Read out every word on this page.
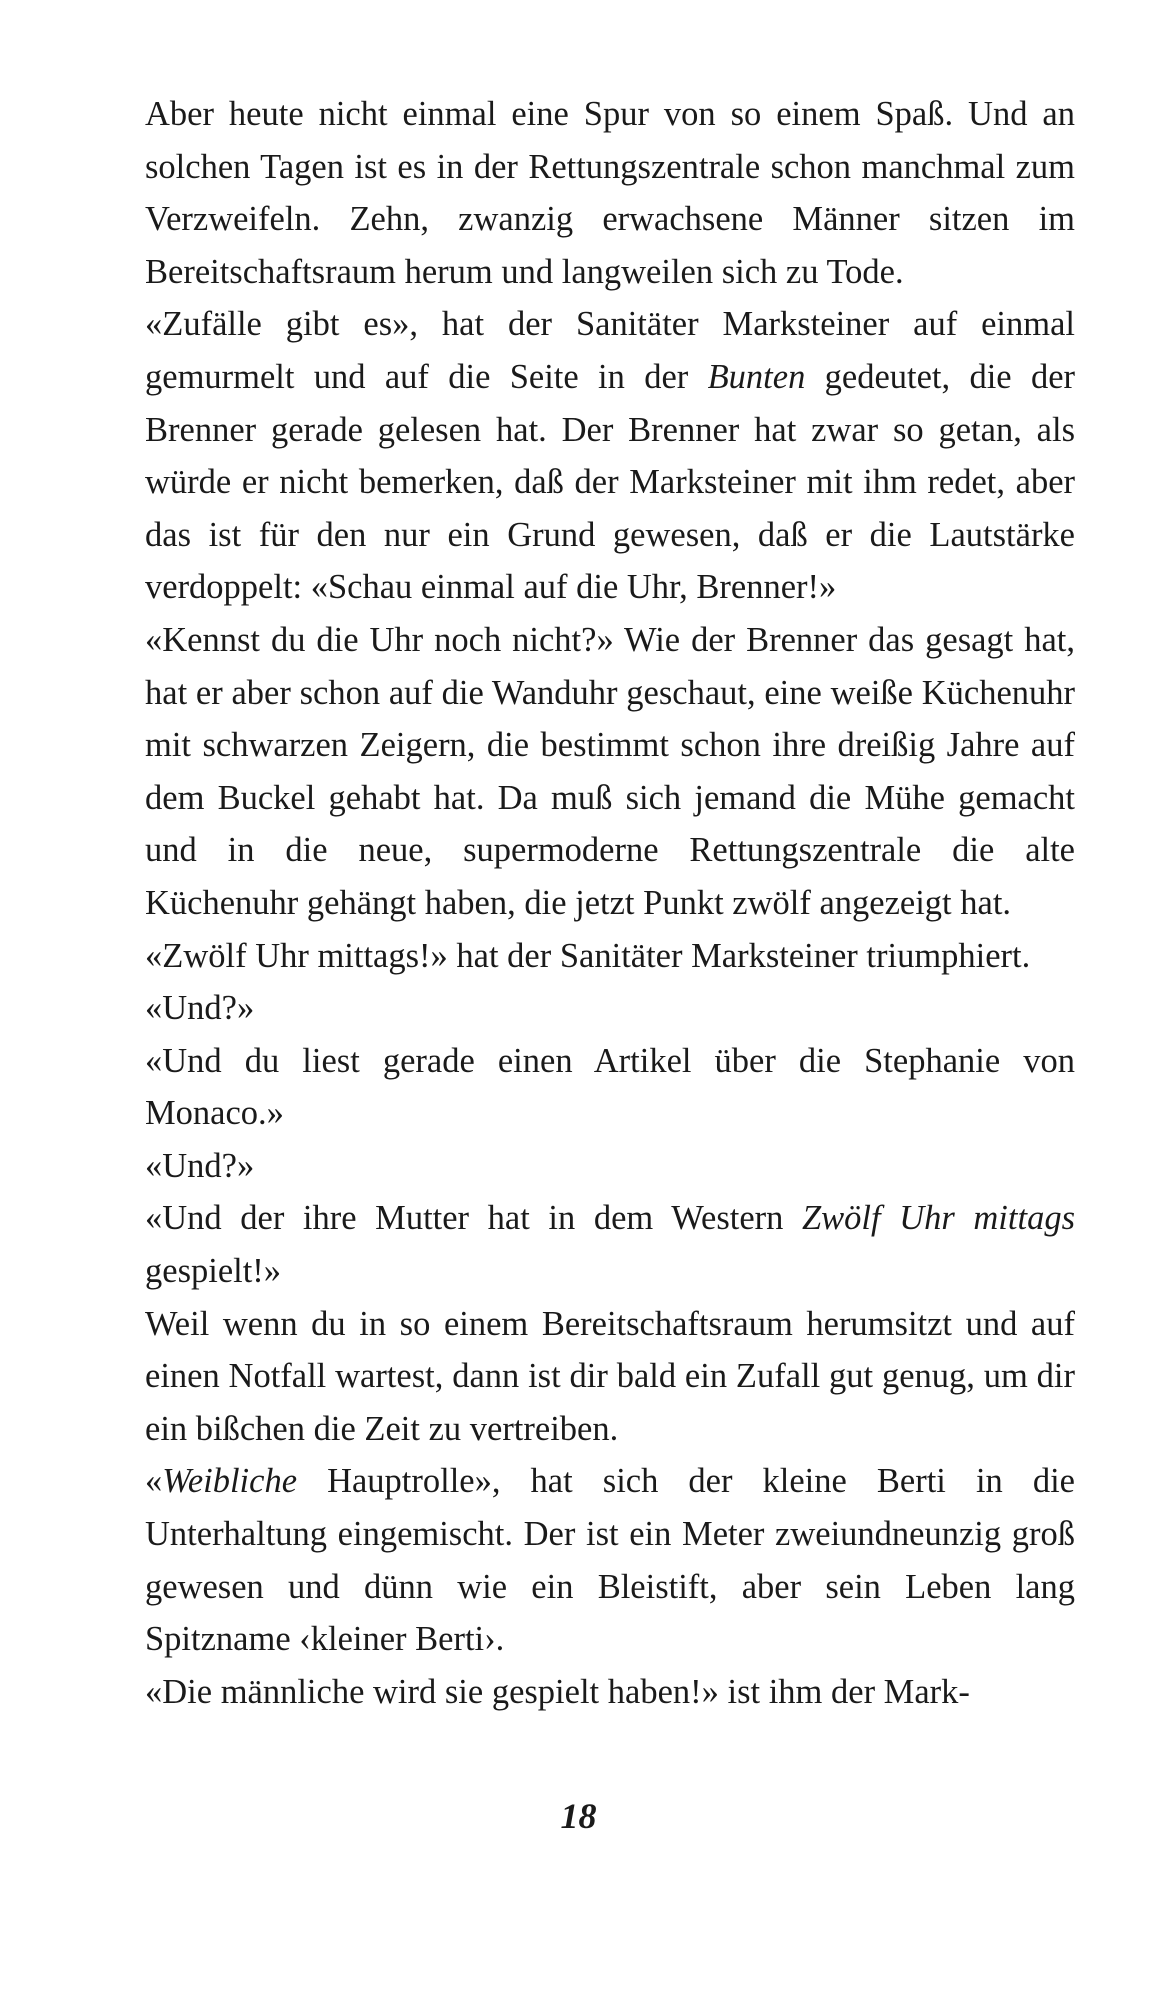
Aber heute nicht einmal eine Spur von so einem Spaß. Und an solchen Tagen ist es in der Rettungszentrale schon manchmal zum Verzweifeln. Zehn, zwanzig erwachsene Männer sitzen im Bereitschaftsraum herum und langweilen sich zu Tode.

«Zufälle gibt es», hat der Sanitäter Marksteiner auf einmal gemurmelt und auf die Seite in der Bunten gedeutet, die der Brenner gerade gelesen hat. Der Brenner hat zwar so getan, als würde er nicht bemerken, daß der Marksteiner mit ihm redet, aber das ist für den nur ein Grund gewesen, daß er die Lautstärke verdoppelt: «Schau einmal auf die Uhr, Brenner!»

«Kennst du die Uhr noch nicht?» Wie der Brenner das gesagt hat, hat er aber schon auf die Wanduhr geschaut, eine weiße Küchenuhr mit schwarzen Zeigern, die bestimmt schon ihre dreißig Jahre auf dem Buckel gehabt hat. Da muß sich jemand die Mühe gemacht und in die neue, supermoderne Rettungszentrale die alte Küchenuhr gehängt haben, die jetzt Punkt zwölf angezeigt hat.

«Zwölf Uhr mittags!» hat der Sanitäter Marksteiner triumphiert.

«Und?»

«Und du liest gerade einen Artikel über die Stephanie von Monaco.»

«Und?»

«Und der ihre Mutter hat in dem Western Zwölf Uhr mittags gespielt!»

Weil wenn du in so einem Bereitschaftsraum herumsitzt und auf einen Notfall wartest, dann ist dir bald ein Zufall gut genug, um dir ein bißchen die Zeit zu vertreiben.

«Weibliche Hauptrolle», hat sich der kleine Berti in die Unterhaltung eingemischt. Der ist ein Meter zweiundneunzig groß gewesen und dünn wie ein Bleistift, aber sein Leben lang Spitzname ‹kleiner Berti›.

«Die männliche wird sie gespielt haben!» ist ihm der Mark-

18
